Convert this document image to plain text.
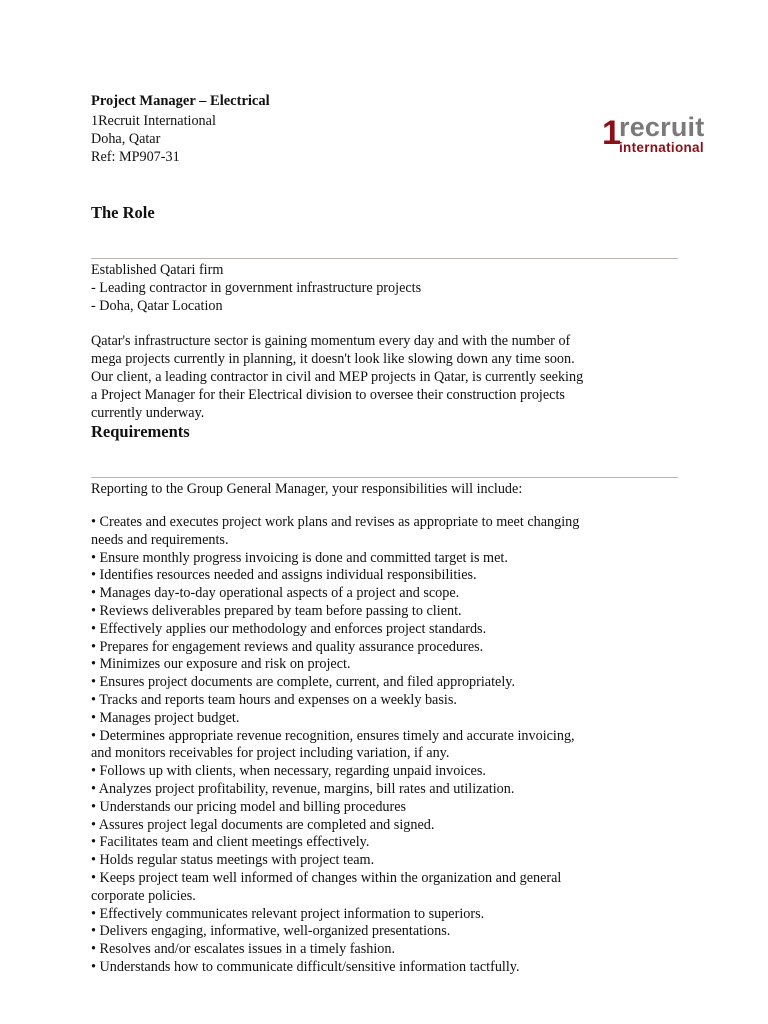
Project Manager – Electrical
1Recruit International
Doha, Qatar
Ref: MP907-31
1 recruit
international
The Role
Established Qatari firm
- Leading contractor in government infrastructure projects
- Doha, Qatar Location
Qatar's infrastructure sector is gaining momentum every day and with the number of
mega projects currently in planning, it doesn't look like slowing down any time soon.
Our client, a leading contractor in civil and MEP projects in Qatar, is currently seeking
a Project Manager for their Electrical division to oversee their construction projects
currently underway.
Requirements
Reporting to the Group General Manager, your responsibilities will include:
• Creates and executes project work plans and revises as appropriate to meet changing
needs and requirements.
• Ensure monthly progress invoicing is done and committed target is met.
• Identifies resources needed and assigns individual responsibilities.
• Manages day-to-day operational aspects of a project and scope.
• Reviews deliverables prepared by team before passing to client.
• Effectively applies our methodology and enforces project standards.
• Prepares for engagement reviews and quality assurance procedures.
• Minimizes our exposure and risk on project.
• Ensures project documents are complete, current, and filed appropriately.
• Tracks and reports team hours and expenses on a weekly basis.
• Manages project budget.
• Determines appropriate revenue recognition, ensures timely and accurate invoicing,
and monitors receivables for project including variation, if any.
• Follows up with clients, when necessary, regarding unpaid invoices.
• Analyzes project profitability, revenue, margins, bill rates and utilization.
• Understands our pricing model and billing procedures
• Assures project legal documents are completed and signed.
• Facilitates team and client meetings effectively.
• Holds regular status meetings with project team.
• Keeps project team well informed of changes within the organization and general
corporate policies.
• Effectively communicates relevant project information to superiors.
• Delivers engaging, informative, well-organized presentations.
• Resolves and/or escalates issues in a timely fashion.
• Understands how to communicate difficult/sensitive information tactfully.
